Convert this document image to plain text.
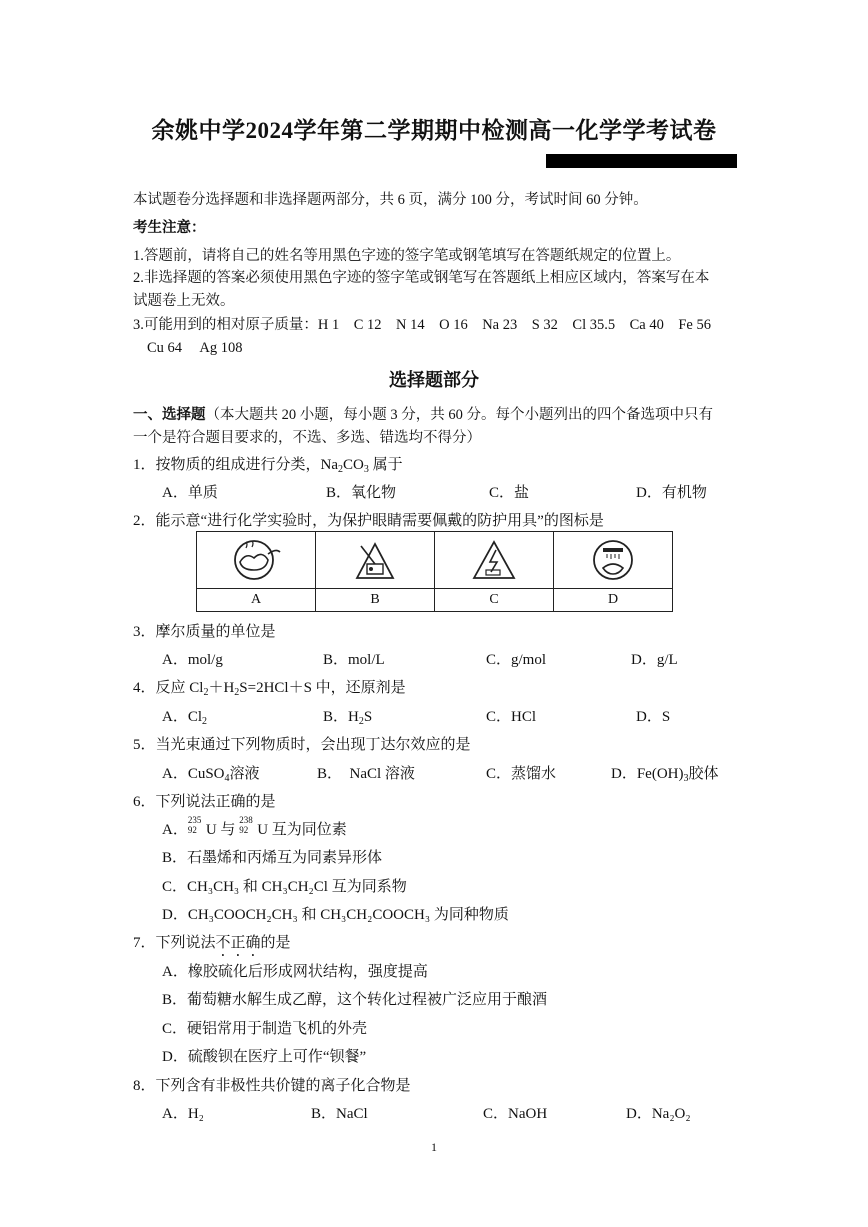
余姚中学2024学年第二学期期中检测高一化学学考试卷
本试题卷分选择题和非选择题两部分，共 6 页，满分 100 分，考试时间 60 分钟。
考生注意：
1.答题前，请将自己的姓名等用黑色字迹的签字笔或钢笔填写在答题纸规定的位置上。
2.非选择题的答案必须使用黑色字迹的签字笔或钢笔写在答题纸上相应区域内，答案写在本
试题卷上无效。
3.可能用到的相对原子质量：H 1　C 12　N 14　O 16　Na 23　S 32　Cl 35.5　Ca 40　Fe 56
Cu 64　 Ag 108
选择题部分
一、选择题（本大题共 20 小题，每小题 3 分，共 60 分。每个小题列出的四个备选项中只有
一个是符合题目要求的，不选、多选、错选均不得分）
1．按物质的组成进行分类，$Na_2CO_3$ 属于
A．单质	B．氧化物	C．盐	D．有机物
2．能示意“进行化学实验时，为保护眼睛需要佩戴的防护用具”的图标是

A	B	C	D
3．摩尔质量的单位是
A．mol/g	B．mol/L	C．g/mol	D．g/L
4．反应 $Cl_2+H_2S=2HCl+S$ 中，还原剂是
A．$Cl_2$	B．$H_2S$	C．HCl	D．S
5．当光束通过下列物质时，会出现丁达尔效应的是
A．CuSO$_4$溶液	B．　NaCl 溶液	C．蒸馏水	D．$Fe(OH)_3$胶体
6．下列说法正确的是
A．
235
92 U 与
238
92 U 互为同位素
B．石墨烯和丙烯互为同素异形体
C．CH₃CH₃ 和 CH₃CH₂Cl 互为同系物
D．CH₃COOCH₂CH₃ 和 CH₃CH₂COOCH₃ 为同种物质
7．下列说法不正确的是
A．橡胶硫化后形成网状结构，强度提高
B．葡萄糖水解生成乙醇，这个转化过程被广泛应用于酿酒
C．硬铝常用于制造飞机的外壳
D．硫酸钡在医疗上可作“钡餐”
8．下列含有非极性共价键的离子化合物是
A．H₂	B．NaCl	C．NaOH	D．Na₂O₂
1
